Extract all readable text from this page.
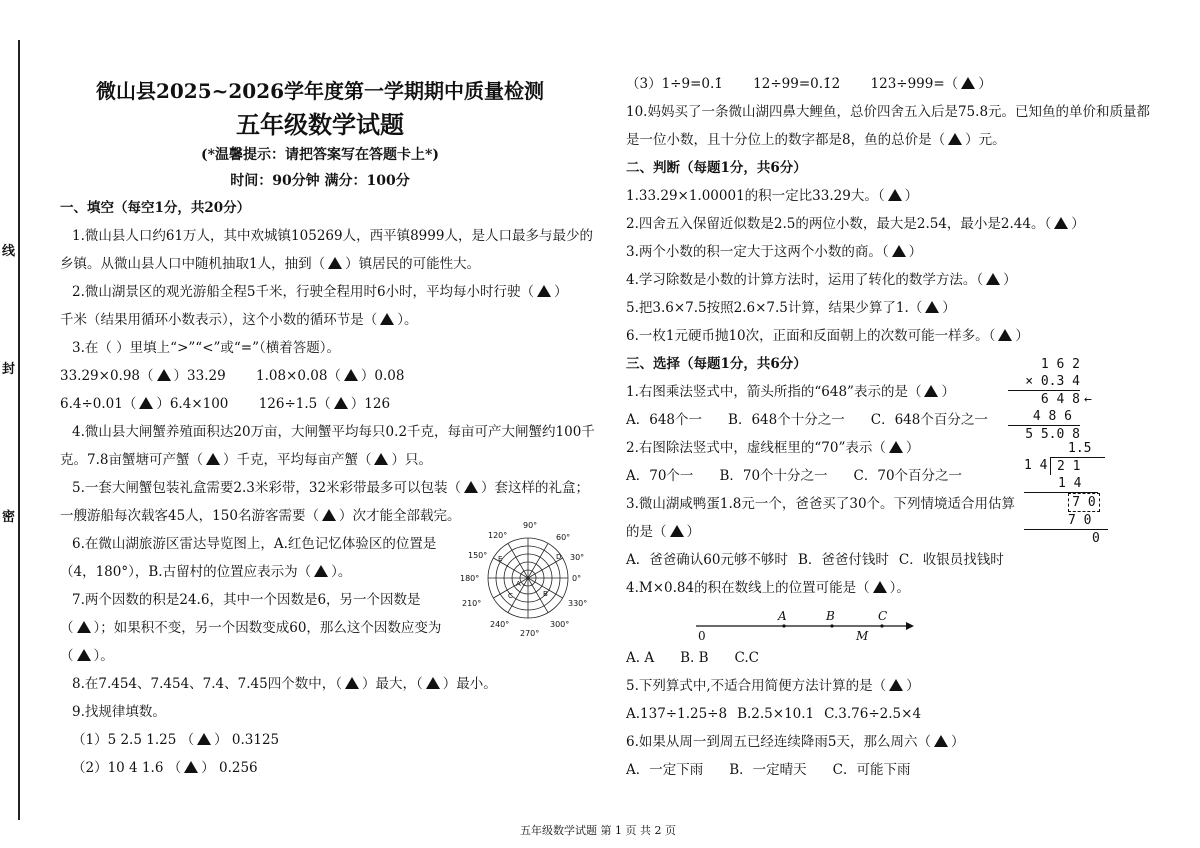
线
封
密
微山县2025~2026学年度第一学期期中质量检测
五年级数学试题
(*温馨提示：请把答案写在答题卡上*)
时间：90分钟 满分：100分
一、填空（每空1分，共20分）
1.微山县人口约61万人，其中欢城镇105269人，西平镇8999人，是人口最多与最少的
乡镇。从微山县人口中随机抽取1人，抽到（ ）镇居民的可能性大。
2.微山湖景区的观光游船全程5千米，行驶全程用时6小时，平均每小时行驶（ ）
千米（结果用循环小数表示），这个小数的循环节是（ ）。
3.在（ ）里填上“>”“<”或“=”（横着答题）。
33.29×0.98（ ）33.29 1.08×0.08（ ）0.08
6.4÷0.01（ ）6.4×100 126÷1.5（ ）126
4.微山县大闸蟹养殖面积达20万亩，大闸蟹平均每只0.2千克，每亩可产大闸蟹约100千
克。7.8亩蟹塘可产蟹（ ）千克，平均每亩产蟹（ ）只。
5.一套大闸蟹包装礼盒需要2.3米彩带，32米彩带最多可以包装（ ）套这样的礼盒；
一艘游船每次载客45人，150名游客需要（ ）次才能全部载完。
6.在微山湖旅游区雷达导览图上，A.红色记忆体验区的位置是
（4，180°），B.古留村的位置应表示为（ ）。
7.两个因数的积是24.6，其中一个因数是6，另一个因数是
（ ）；如果积不变，另一个因数变成60，那么这个因数应变为
（ ）。
8.在7.454、7.4̇54̇、7.4̇、7.4̇5̇四个数中，（ ）最大，（ ）最小。
9.找规律填数。
（1）5 2.5 1.25 （ ） 0.3125
（2）10 4 1.6 （ ） 0.256
90°
60°
30°
0°
330°
300°
270°
240°
210°
180°
150°
120°
A
B
C
D
E
（3）1÷9=0.1̇ 12÷99=0.1̇2̇ 123÷999=（ ）
10.妈妈买了一条微山湖四鼻大鲤鱼，总价四舍五入后是75.8元。已知鱼的单价和质量都
是一位小数，且十分位上的数字都是8，鱼的总价是（ ）元。
二、判断（每题1分，共6分）
1.33.29×1.00001的积一定比33.29大。（ ）
2.四舍五入保留近似数是2.5的两位小数，最大是2.54，最小是2.44。（ ）
3.两个小数的积一定大于这两个小数的商。（ ）
4.学习除数是小数的计算方法时，运用了转化的数学方法。（ ）
5.把3.6×7.5按照2.6×7.5计算，结果少算了1.（ ）
6.一枚1元硬币抛10次，正面和反面朝上的次数可能一样多。（ ）
三、选择（每题1分，共6分）
1.右图乘法竖式中，箭头所指的“648”表示的是（ ）
A．648个一 B．648个十分之一 C．648个百分之一
2.右图除法竖式中，虚线框里的“70”表示（ ）
A．70个一 B．70个十分之一 C．70个百分之一
3.微山湖咸鸭蛋1.8元一个，爸爸买了30个。下列情境适合用估算
的是（ ）
A．爸爸确认60元够不够时 B．爸爸付钱时 C．收银员找钱时
4.M×0.84的积在数线上的位置可能是（ ）。
A. A B. B C.C
5.下列算式中,不适合用简便方法计算的是（ ）
A.137÷1.25÷8 B.2.5×10.1 C.3.76÷2.5×4
6.如果从周一到周五已经连续降雨5天，那么周六（ ）
A．一定下雨 B．一定晴天 C．可能下雨
1 6 2
× 0.3 4
6 4 8 ←
4 8 6
5 5.0 8
1.5
1 4 2 1
1 4
7 0
7 0
0
0
A	B	C
M
五年级数学试题 第 1 页 共 2 页
